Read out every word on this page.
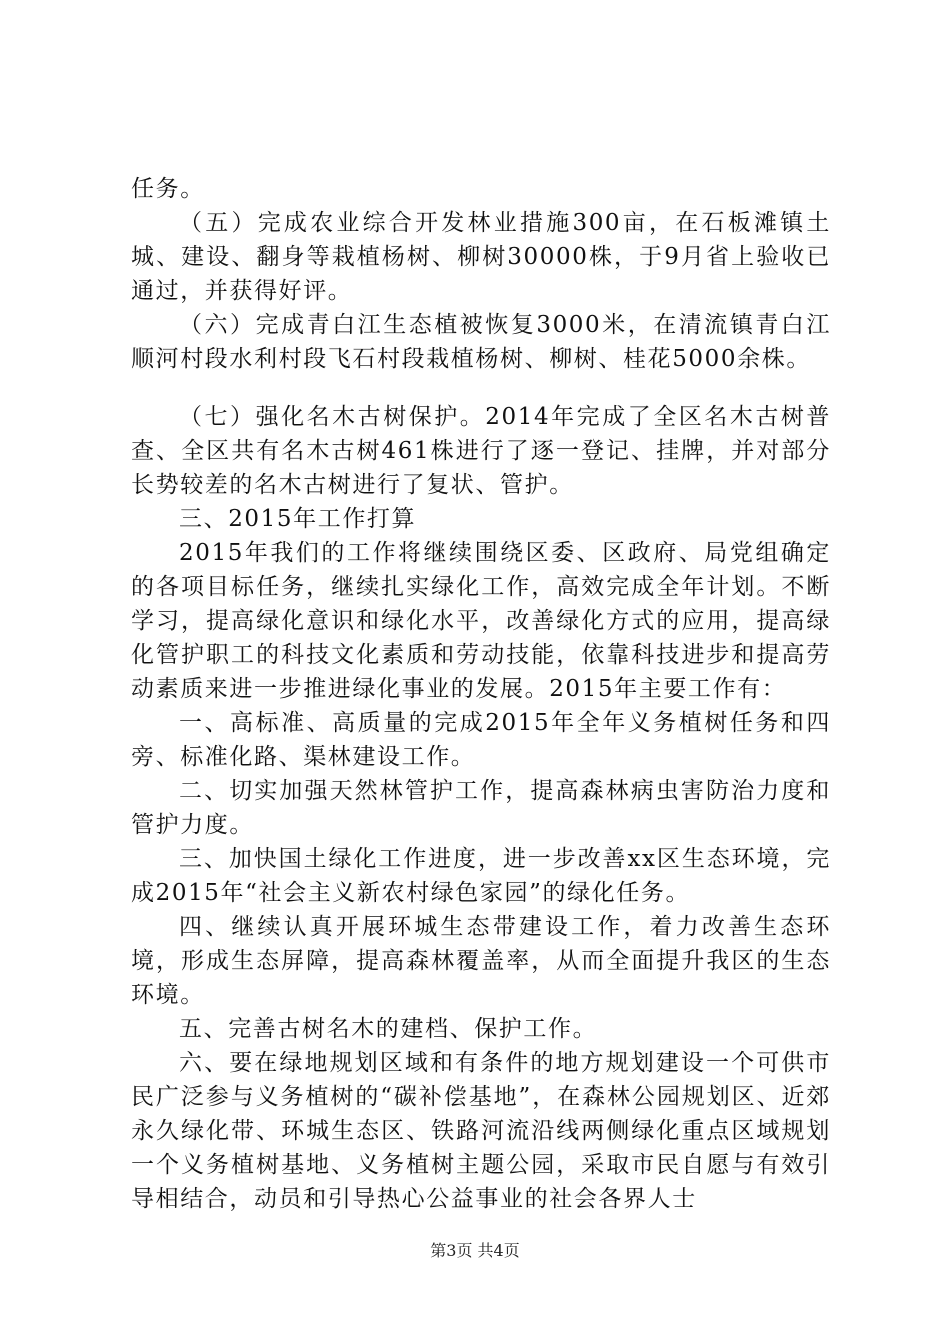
任务。

（五）完成农业综合开发林业措施300亩，在石板滩镇土城、建设、翻身等栽植杨树、柳树30000株，于9月省上验收已通过，并获得好评。

（六）完成青白江生态植被恢复3000米，在清流镇青白江顺河村段水利村段飞石村段栽植杨树、柳树、桂花5000余株。

（七）强化名木古树保护。2014年完成了全区名木古树普查、全区共有名木古树461株进行了逐一登记、挂牌，并对部分长势较差的名木古树进行了复状、管护。

三、2015年工作打算

2015年我们的工作将继续围绕区委、区政府、局党组确定的各项目标任务，继续扎实绿化工作，高效完成全年计划。不断学习，提高绿化意识和绿化水平，改善绿化方式的应用，提高绿化管护职工的科技文化素质和劳动技能，依靠科技进步和提高劳动素质来进一步推进绿化事业的发展。2015年主要工作有：

一、高标准、高质量的完成2015年全年义务植树任务和四旁、标准化路、渠林建设工作。

二、切实加强天然林管护工作，提高森林病虫害防治力度和管护力度。

三、加快国土绿化工作进度，进一步改善xx区生态环境，完成2015年“社会主义新农村绿色家园”的绿化任务。

四、继续认真开展环城生态带建设工作，着力改善生态环境，形成生态屏障，提高森林覆盖率，从而全面提升我区的生态环境。

五、完善古树名木的建档、保护工作。

六、要在绿地规划区域和有条件的地方规划建设一个可供市民广泛参与义务植树的“碳补偿基地”，在森林公园规划区、近郊永久绿化带、环城生态区、铁路河流沿线两侧绿化重点区域规划一个义务植树基地、义务植树主题公园，采取市民自愿与有效引导相结合，动员和引导热心公益事业的社会各界人士

第3页 共4页
